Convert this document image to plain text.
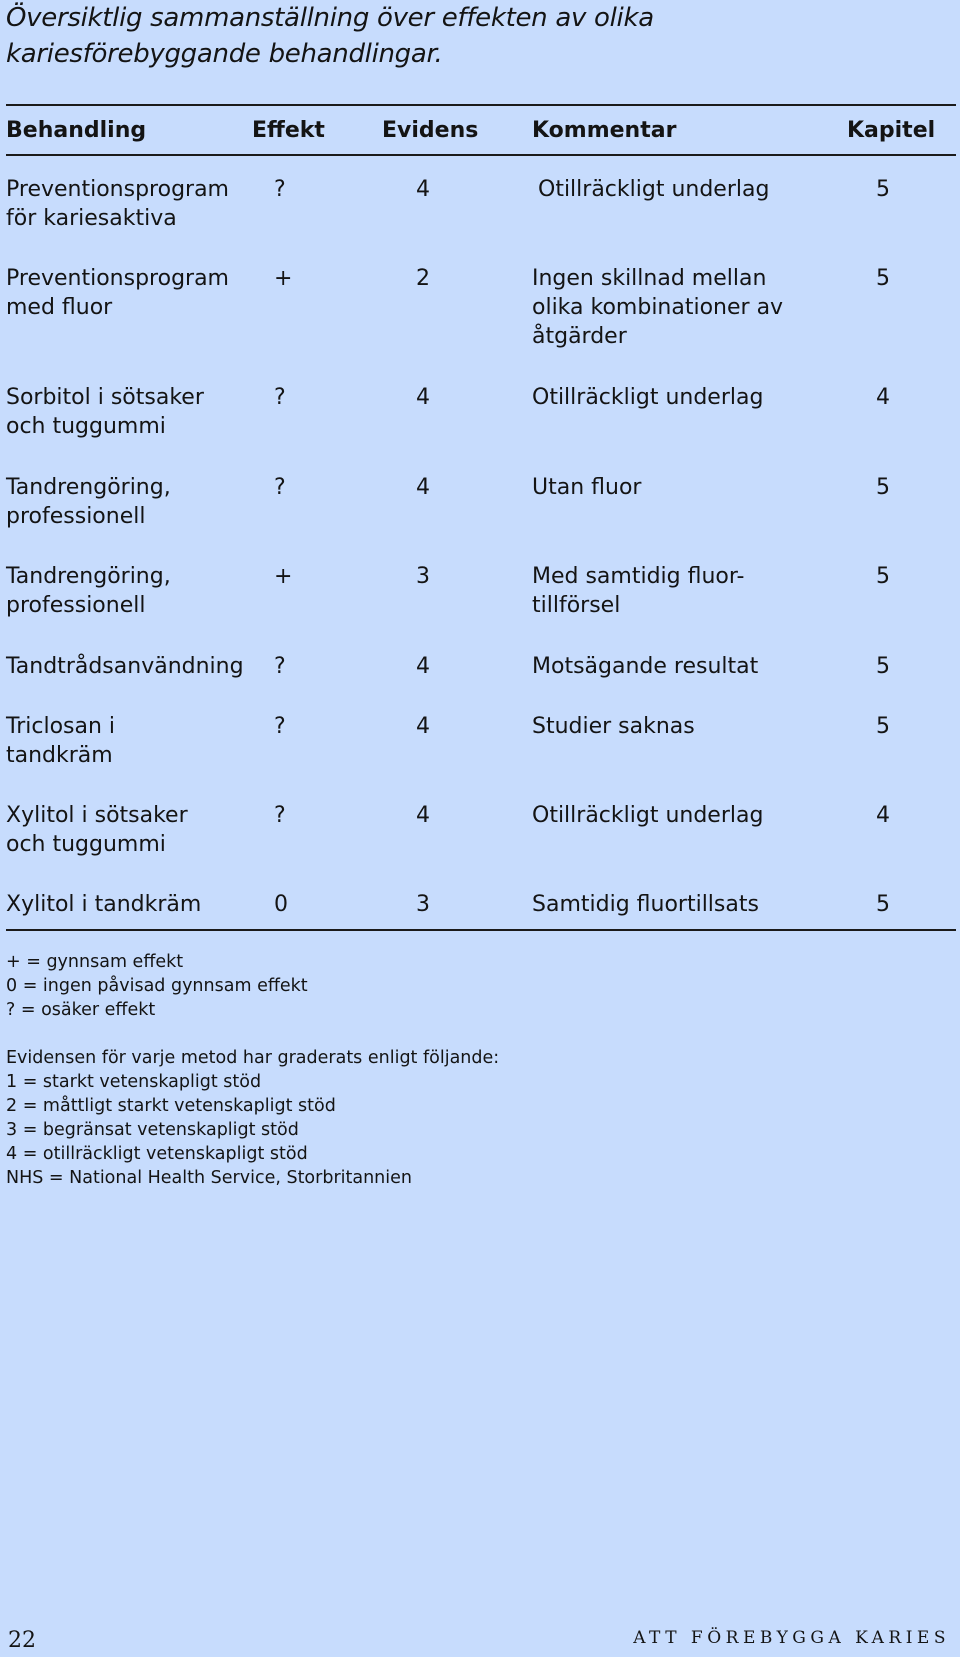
Översiktlig sammanställning över effekten av olika kariesförebyggande behandlingar.
Behandling	Effekt	Evidens Kommentar	Kapitel
Preventionsprogram
för kariesaktiva
?	4	Otillräckligt underlag	5
Preventionsprogram
med fluor
+	2	Ingen skillnad mellan
olika kombinationer av
åtgärder
5
Sorbitol i sötsaker
och tuggummi
?	4	Otillräckligt underlag	4
Tandrengöring,
professionell
?	4	Utan fluor	5
Tandrengöring,
professionell
+	3	Med samtidig fluor-
tillförsel
5
Tandtrådsanvändning ?	4	Motsägande resultat	5
Triclosan i
tandkräm
?	4	Studier saknas	5
Xylitol i sötsaker
och tuggummi
?	4	Otillräckligt underlag	4
Xylitol i tandkräm	0	3	Samtidig fluortillsats	5
+ = gynnsam effekt
0 = ingen påvisad gynnsam effekt
? = osäker effekt
Evidensen för varje metod har graderats enligt följande:
1 = starkt vetenskapligt stöd
2 = måttligt starkt vetenskapligt stöd
3 = begränsat vetenskapligt stöd
4 = otillräckligt vetenskapligt stöd
NHS = National Health Service, Storbritannien
22	ATT FÖREBYGGA KARIES
